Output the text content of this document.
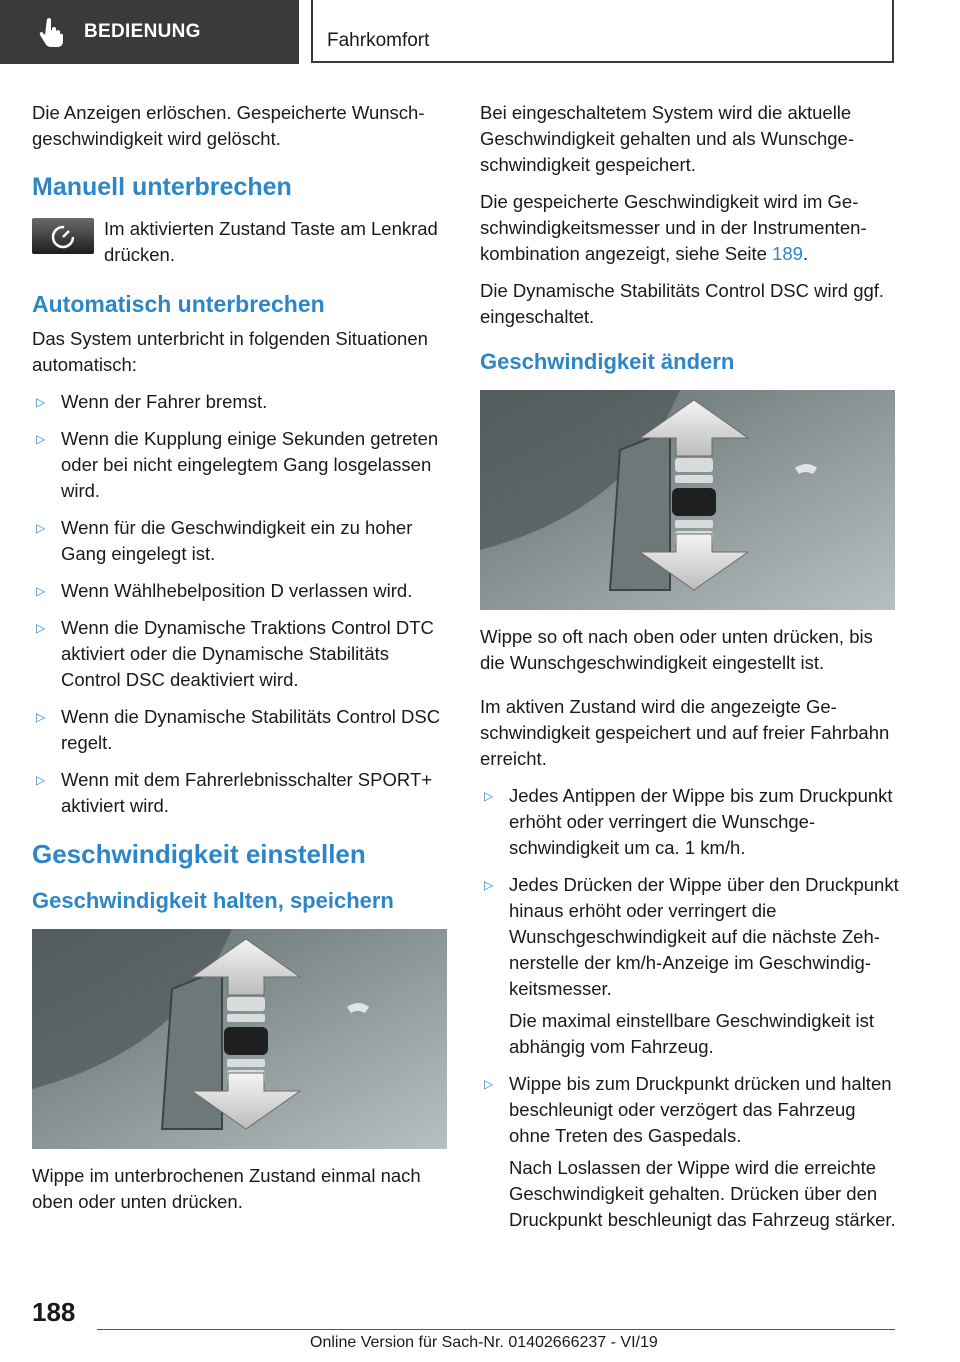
BEDIENUNG	Fahrkomfort

Die Anzeigen erlöschen. Gespeicherte Wunschgeschwindigkeit wird gelöscht.

Manuell unterbrechen
Im aktivierten Zustand Taste am Lenkrad drücken.
Automatisch unterbrechen

Das System unterbricht in folgenden Situationen automatisch:

▷ Wenn der Fahrer bremst.
▷ Wenn die Kupplung einige Sekunden getreten oder bei nicht eingelegtem Gang losgelassen wird.
▷ Wenn für die Geschwindigkeit ein zu hoher Gang eingelegt ist.
▷ Wenn Wählhebelposition D verlassen wird.
▷ Wenn die Dynamische Traktions Control DTC aktiviert oder die Dynamische Stabilitäts Control DSC deaktiviert wird.
▷ Wenn die Dynamische Stabilitäts Control DSC regelt.
▷ Wenn mit dem Fahrerlebnisschalter SPORT+ aktiviert wird.
Geschwindigkeit einstellen
Geschwindigkeit halten, speichern

Wippe im unterbrochenen Zustand einmal nach oben oder unten drücken.

Bei eingeschaltetem System wird die aktuelle Geschwindigkeit gehalten und als Wunschgeschwindigkeit gespeichert.

Die gespeicherte Geschwindigkeit wird im Geschwindigkeitsmesser und in der Instrumentenkombination angezeigt, siehe Seite 189.

Die Dynamische Stabilitäts Control DSC wird ggf. eingeschaltet.

Geschwindigkeit ändern

Wippe so oft nach oben oder unten drücken, bis die Wunschgeschwindigkeit eingestellt ist.

Im aktiven Zustand wird die angezeigte Geschwindigkeit gespeichert und auf freier Fahrbahn erreicht.

▷ Jedes Antippen der Wippe bis zum Druckpunkt erhöht oder verringert die Wunschgeschwindigkeit um ca. 1 km/h.
▷ Jedes Drücken der Wippe über den Druckpunkt hinaus erhöht oder verringert die Wunschgeschwindigkeit auf die nächste Zehnerstelle der km/h-Anzeige im Geschwindigkeitsmesser.

Die maximal einstellbare Geschwindigkeit ist abhängig vom Fahrzeug.

▷ Wippe bis zum Druckpunkt drücken und halten beschleunigt oder verzögert das Fahrzeug ohne Treten des Gaspedals.

Nach Loslassen der Wippe wird die erreichte Geschwindigkeit gehalten. Drücken über den Druckpunkt beschleunigt das Fahrzeug stärker.

188
Online Version für Sach-Nr. 01402666237 - VI/19
